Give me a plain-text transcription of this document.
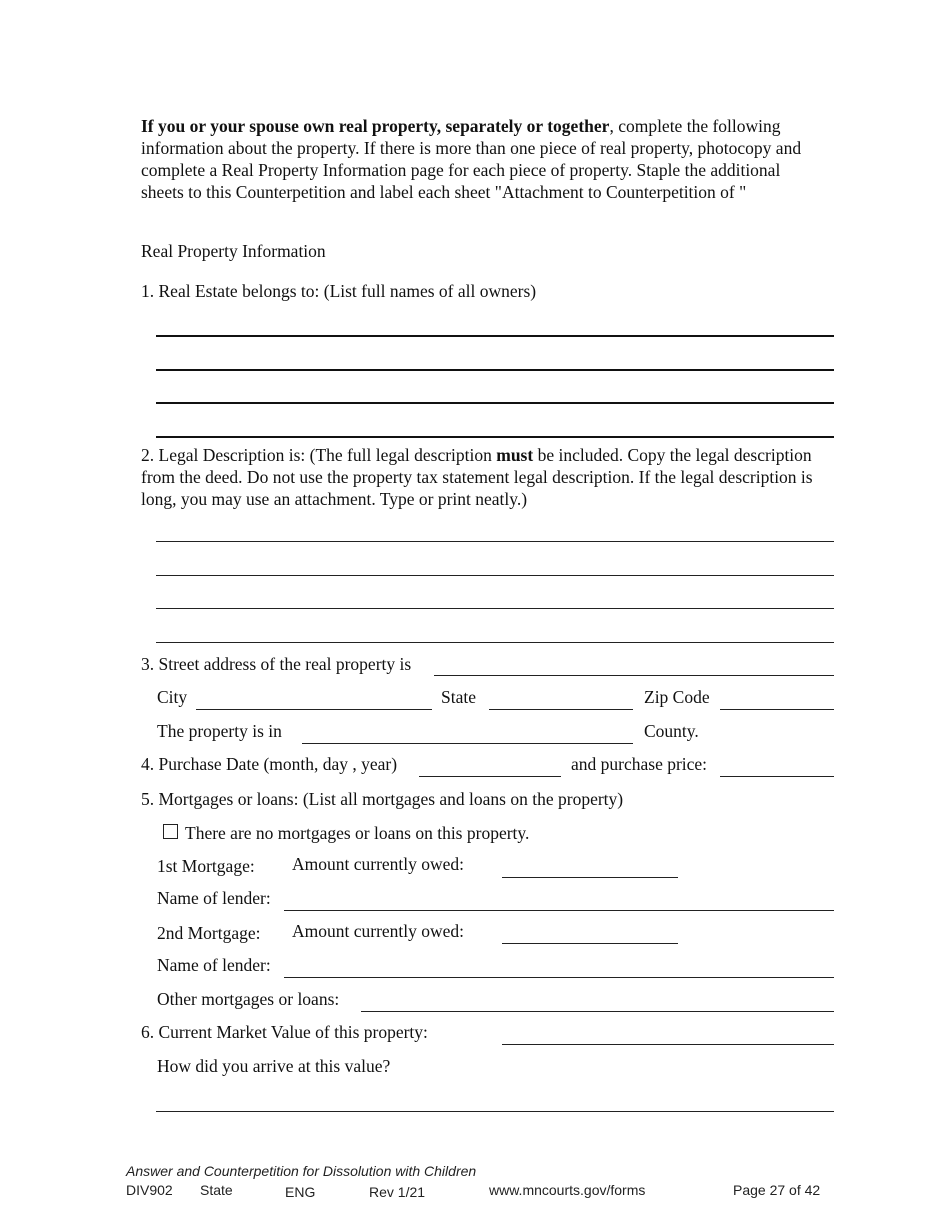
If you or your spouse own real property, separately or together, complete the following information about the property. If there is more than one piece of real property, photocopy and complete a Real Property Information page for each piece of property. Staple the additional sheets to this Counterpetition and label each sheet "Attachment to Counterpetition of "
Real Property Information
1. Real Estate belongs to: (List full names of all owners)
2. Legal Description is: (The full legal description must be included. Copy the legal description from the deed. Do not use the property tax statement legal description. If the legal description is long, you may use an attachment. Type or print neatly.)
3. Street address of the real property is
City	State	Zip Code
The property is in	County.
4. Purchase Date (month, day , year)	and purchase price:
5. Mortgages or loans: (List all mortgages and loans on the property)
There are no mortgages or loans on this property.
1st Mortgage: Amount currently owed:
Name of lender:
2nd Mortgage: Amount currently owed:
Name of lender:
Other mortgages or loans:
6. Current Market Value of this property:
How did you arrive at this value?
Answer and Counterpetition for Dissolution with Children
DIV902 State	ENG	Rev 1/21	www.mncourts.gov/forms	Page 27 of 42
